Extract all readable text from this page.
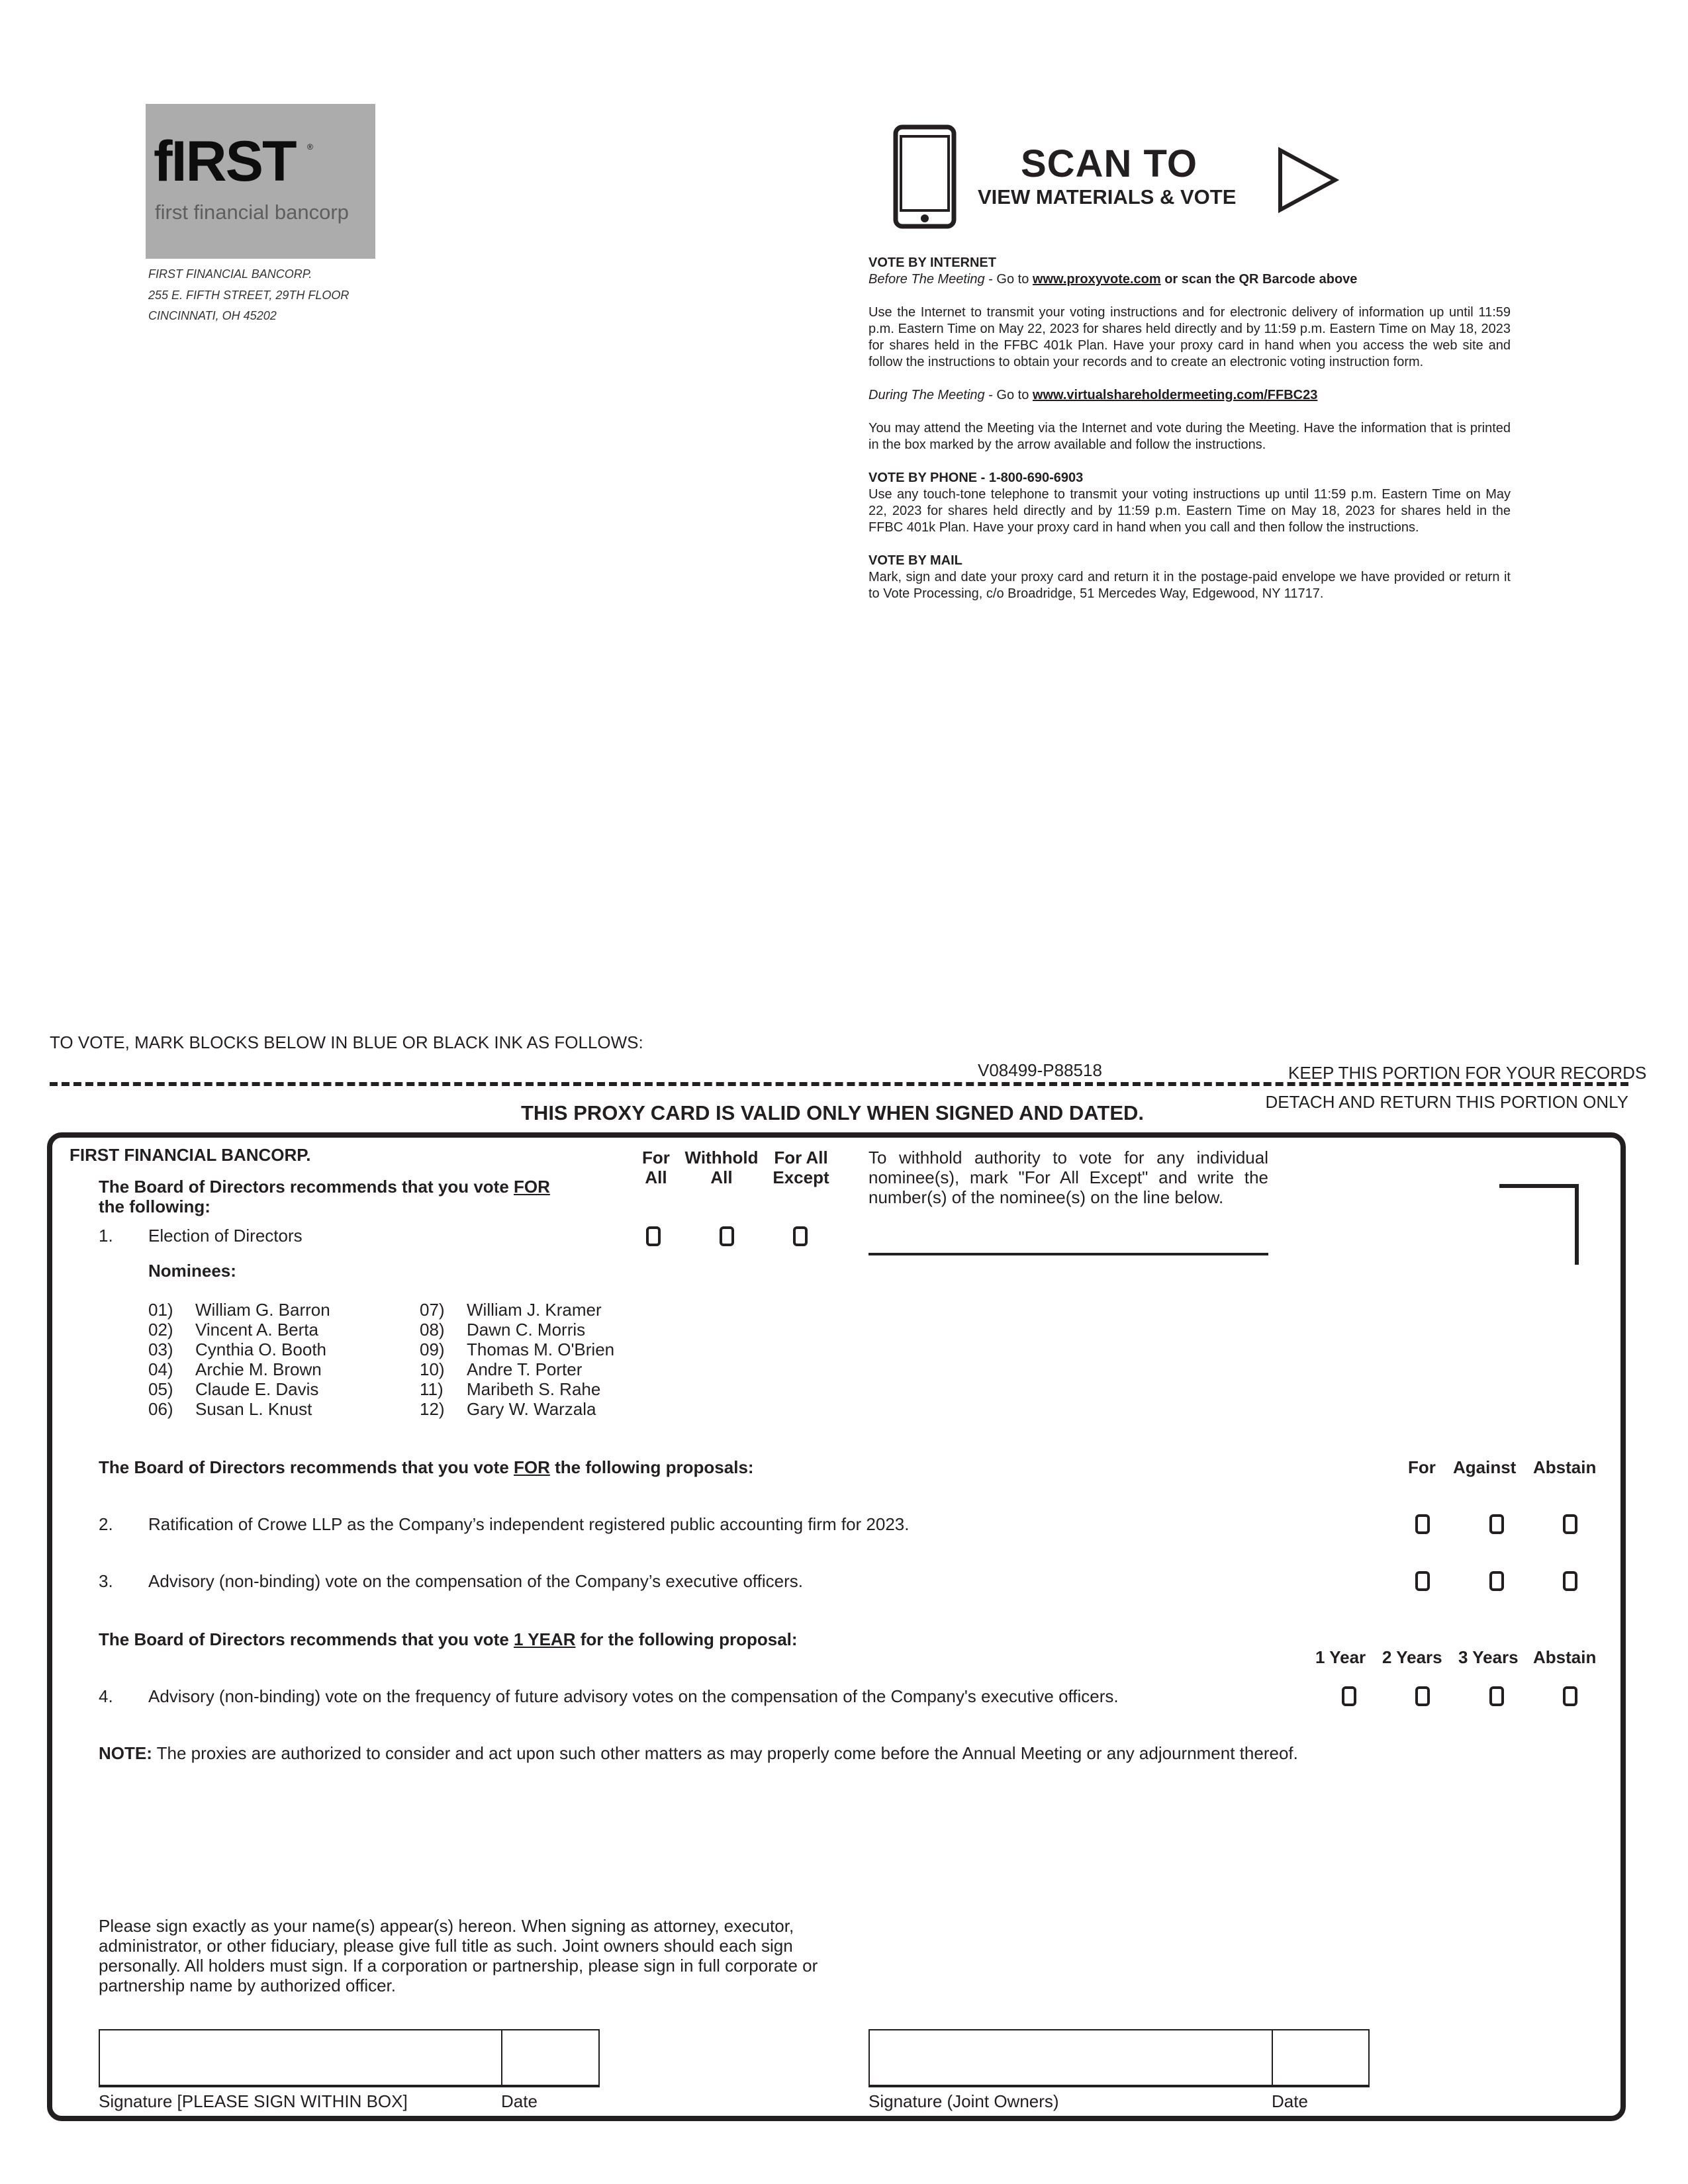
fIRST ®
first financial bancorp
FIRST FINANCIAL BANCORP.
255 E. FIFTH STREET, 29TH FLOOR
CINCINNATI, OH 45202
SCAN TO
VIEW MATERIALS & VOTE

VOTE BY INTERNET
Before The Meeting - Go to www.proxyvote.com or scan the QR Barcode above

Use the Internet to transmit your voting instructions and for electronic delivery of information up until 11:59 p.m. Eastern Time on May 22, 2023 for shares held directly and by 11:59 p.m. Eastern Time on May 18, 2023 for shares held in the FFBC 401k Plan. Have your proxy card in hand when you access the web site and follow the instructions to obtain your records and to create an electronic voting instruction form.

During The Meeting - Go to www.virtualshareholdermeeting.com/FFBC23

You may attend the Meeting via the Internet and vote during the Meeting. Have the information that is printed in the box marked by the arrow available and follow the instructions.

VOTE BY PHONE - 1-800-690-6903
Use any touch-tone telephone to transmit your voting instructions up until 11:59 p.m. Eastern Time on May 22, 2023 for shares held directly and by 11:59 p.m. Eastern Time on May 18, 2023 for shares held in the FFBC 401k Plan. Have your proxy card in hand when you call and then follow the instructions.

VOTE BY MAIL
Mark, sign and date your proxy card and return it in the postage-paid envelope we have provided or return it to Vote Processing, c/o Broadridge, 51 Mercedes Way, Edgewood, NY 11717.

TO VOTE, MARK BLOCKS BELOW IN BLUE OR BLACK INK AS FOLLOWS:
V08499-P88518	KEEP THIS PORTION FOR YOUR RECORDS
DETACH AND RETURN THIS PORTION ONLY
THIS PROXY CARD IS VALID ONLY WHEN SIGNED AND DATED.
FIRST FINANCIAL BANCORP.
The Board of Directors recommends that you vote FOR
the following:
1. Election of Directors
Nominees:
01) William G. Barron
02) Vincent A. Berta
03) Cynthia O. Booth
04) Archie M. Brown
05) Claude E. Davis
06) Susan L. Knust
07) William J. Kramer
08) Dawn C. Morris
09) Thomas M. O'Brien
10) Andre T. Porter
11) Maribeth S. Rahe
12) Gary W. Warzala
For
All
Withhold
All
For All
Except
To withhold authority to vote for any individual nominee(s), mark "For All Except" and write the number(s) of the nominee(s) on the line below.
The Board of Directors recommends that you vote FOR the following proposals:	For Against Abstain
2. Ratification of Crowe LLP as the Company’s independent registered public accounting firm for 2023.
3. Advisory (non-binding) vote on the compensation of the Company’s executive officers.
The Board of Directors recommends that you vote 1 YEAR for the following proposal:
1 Year 2 Years 3 Years Abstain
4. Advisory (non-binding) vote on the frequency of future advisory votes on the compensation of the Company's executive officers.
NOTE: The proxies are authorized to consider and act upon such other matters as may properly come before the Annual Meeting or any adjournment thereof.
Please sign exactly as your name(s) appear(s) hereon. When signing as attorney, executor, administrator, or other fiduciary, please give full title as such. Joint owners should each sign personally. All holders must sign. If a corporation or partnership, please sign in full corporate or partnership name by authorized officer.
Signature [PLEASE SIGN WITHIN BOX]	Date	Signature (Joint Owners)	Date
